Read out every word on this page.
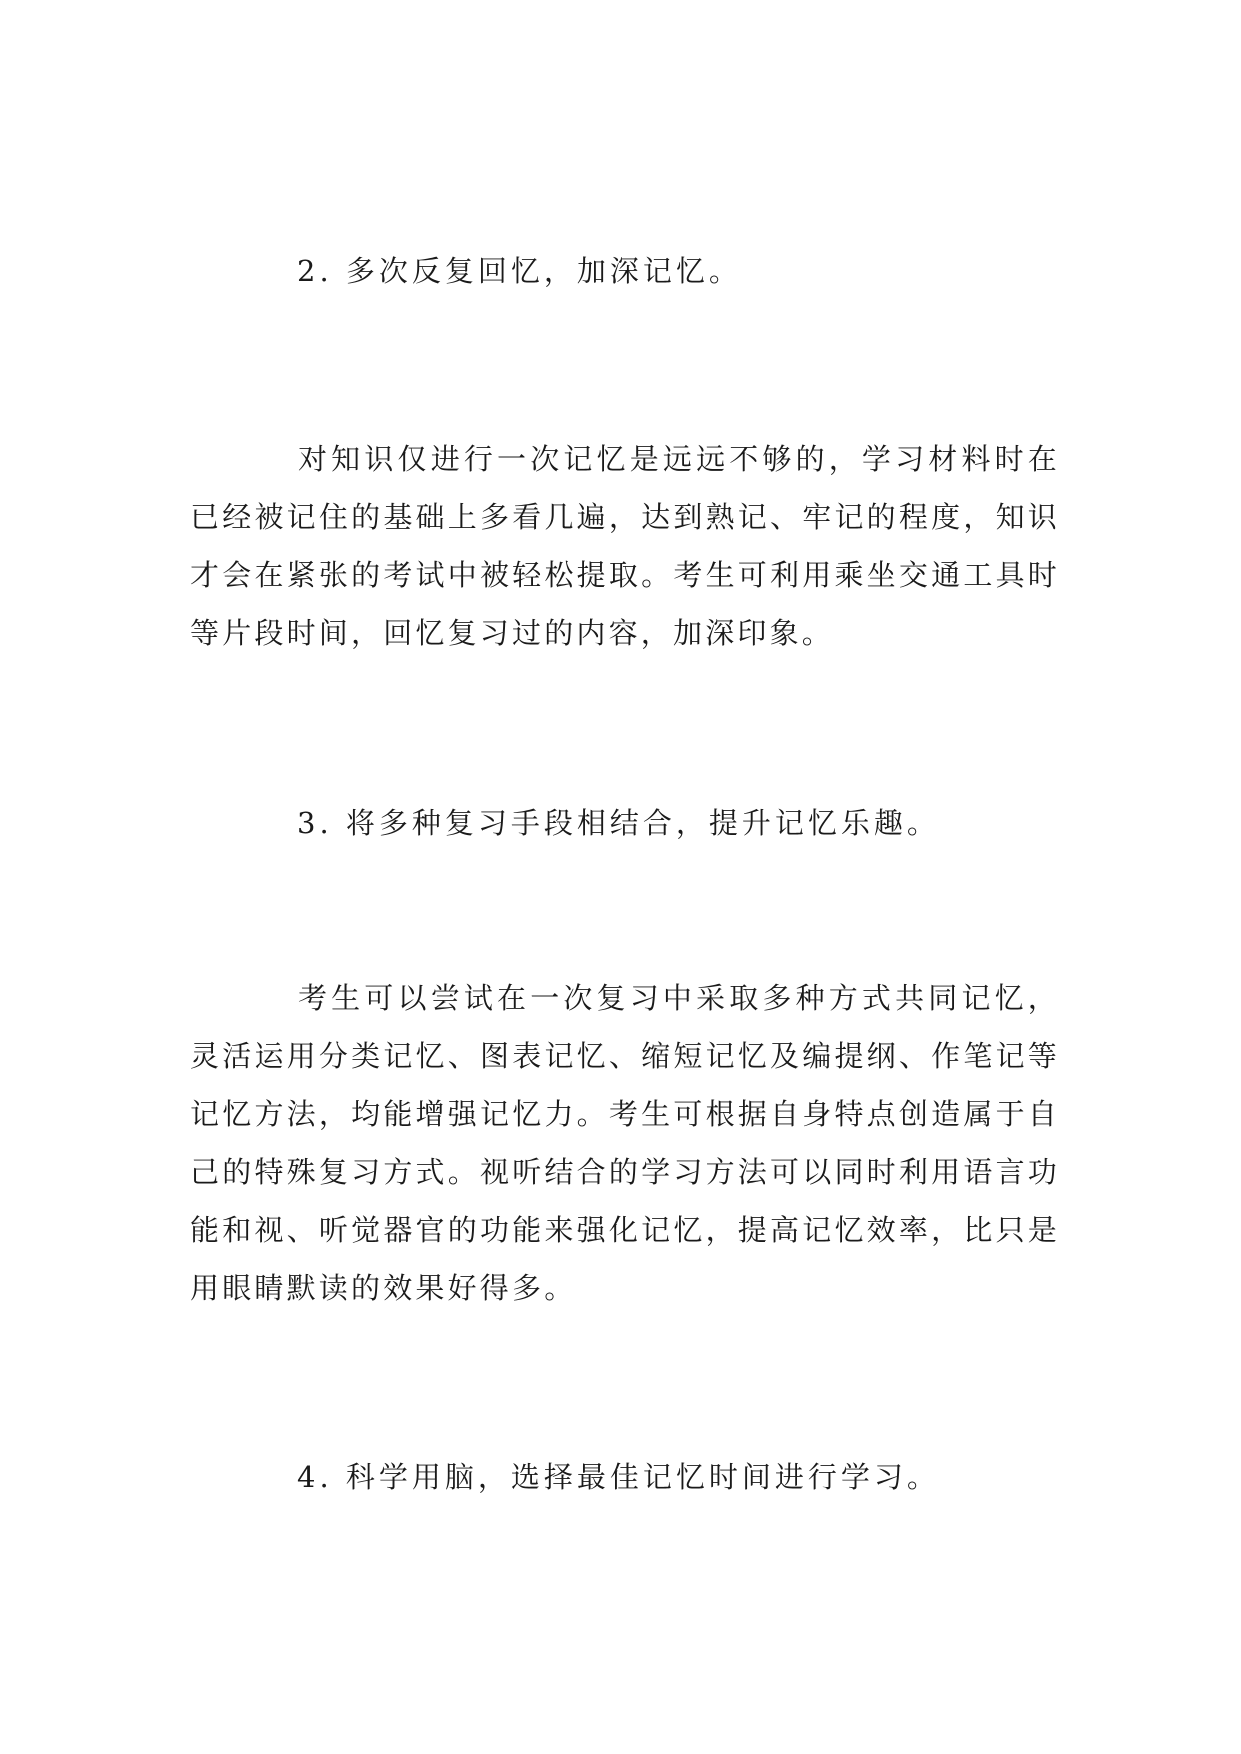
2. 多次反复回忆，加深记忆。
对知识仅进行一次记忆是远远不够的，学习材料时在已经被记住的基础上多看几遍，达到熟记、牢记的程度，知识才会在紧张的考试中被轻松提取。考生可利用乘坐交通工具时等片段时间，回忆复习过的内容，加深印象。
3. 将多种复习手段相结合，提升记忆乐趣。
考生可以尝试在一次复习中采取多种方式共同记忆，灵活运用分类记忆、图表记忆、缩短记忆及编提纲、作笔记等记忆方法，均能增强记忆力。考生可根据自身特点创造属于自己的特殊复习方式。视听结合的学习方法可以同时利用语言功能和视、听觉器官的功能来强化记忆，提高记忆效率，比只是用眼睛默读的效果好得多。
4. 科学用脑，选择最佳记忆时间进行学习。
